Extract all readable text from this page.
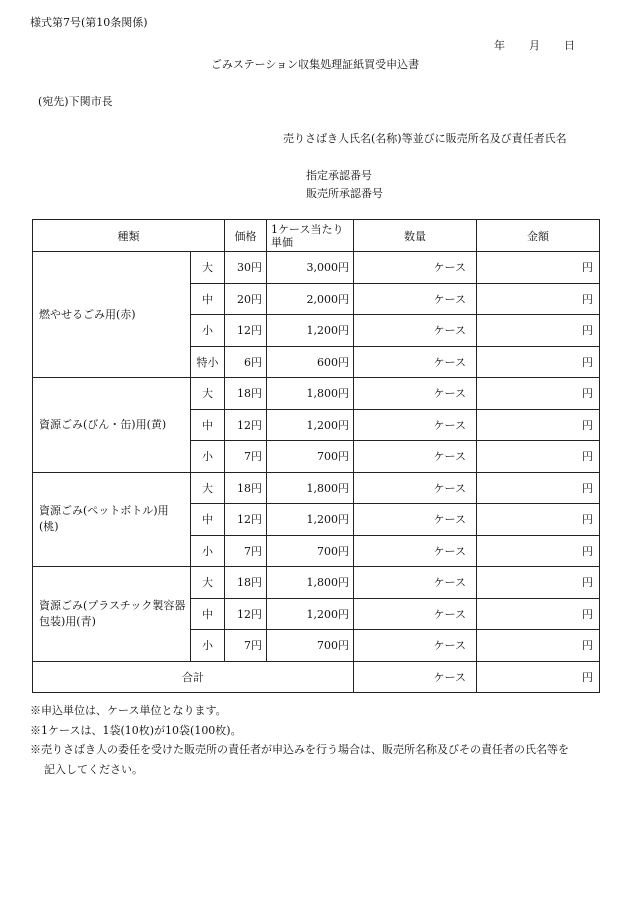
様式第7号(第10条関係)
年 月 日
ごみステーション収集処理証紙買受申込書
(宛先)下関市長
売りさばき人氏名(名称)等並びに販売所名及び責任者氏名
指定承認番号
販売所承認番号
種類		価格	1ケース当たり単価	数量	金額
燃やせるごみ用(赤)	大	30円	3,000円	ケース	円
	中	20円	2,000円	ケース	円
	小	12円	1,200円	ケース	円
	特小	6円	600円	ケース	円
資源ごみ(びん・缶)用(黄)	大	18円	1,800円	ケース	円
	中	12円	1,200円	ケース	円
	小	7円	700円	ケース	円
資源ごみ(ペットボトル)用(桃)	大	18円	1,800円	ケース	円
	中	12円	1,200円	ケース	円
	小	7円	700円	ケース	円
資源ごみ(プラスチック製容器包装)用(青)	大	18円	1,800円	ケース	円
	中	12円	1,200円	ケース	円
	小	7円	700円	ケース	円
合計				ケース	円
※申込単位は、ケース単位となります。
※1ケースは、1袋(10枚)が10袋(100枚)。
※売りさばき人の委任を受けた販売所の責任者が申込みを行う場合は、販売所名称及びその責任者の氏名等を
記入してください。
